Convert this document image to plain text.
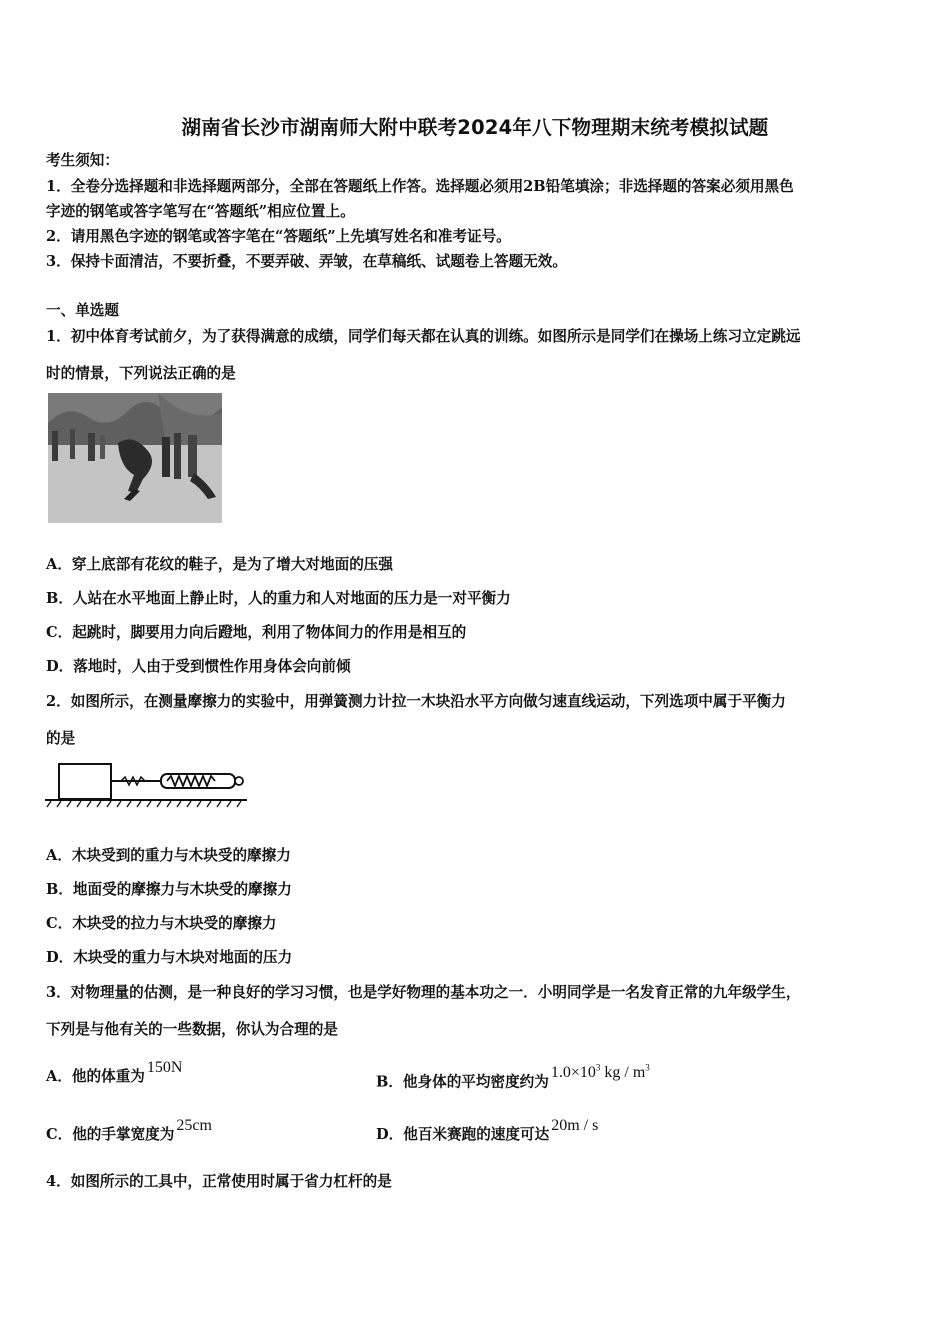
湖南省长沙市湖南师大附中联考2024年八下物理期末统考模拟试题
考生须知：
1．全卷分选择题和非选择题两部分，全部在答题纸上作答。选择题必须用2B铅笔填涂；非选择题的答案必须用黑色
字迹的钢笔或答字笔写在“答题纸”相应位置上。
2．请用黑色字迹的钢笔或答字笔在“答题纸”上先填写姓名和准考证号。
3．保持卡面清洁，不要折叠，不要弄破、弄皱，在草稿纸、试题卷上答题无效。
一、单选题
1．初中体育考试前夕，为了获得满意的成绩，同学们每天都在认真的训练。如图所示是同学们在操场上练习立定跳远
时的情景，下列说法正确的是
A．穿上底部有花纹的鞋子，是为了增大对地面的压强
B．人站在水平地面上静止时，人的重力和人对地面的压力是一对平衡力
C．起跳时，脚要用力向后蹬地，利用了物体间力的作用是相互的
D．落地时，人由于受到惯性作用身体会向前倾
2．如图所示，在测量摩擦力的实验中，用弹簧测力计拉一木块沿水平方向做匀速直线运动，下列选项中属于平衡力
的是
A．木块受到的重力与木块受的摩擦力
B．地面受的摩擦力与木块受的摩擦力
C．木块受的拉力与木块受的摩擦力
D．木块受的重力与木块对地面的压力
3．对物理量的估测，是一种良好的学习习惯，也是学好物理的基本功之一．小明同学是一名发育正常的九年级学生，
下列是与他有关的一些数据，你认为合理的是
A．他的体重为150N
B．他身体的平均密度约为$1.0\times 10^3$ kg / $m^3$
C．他的手掌宽度为25cm
D．他百米赛跑的速度可达20m / s
4．如图所示的工具中，正常使用时属于省力杠杆的是
